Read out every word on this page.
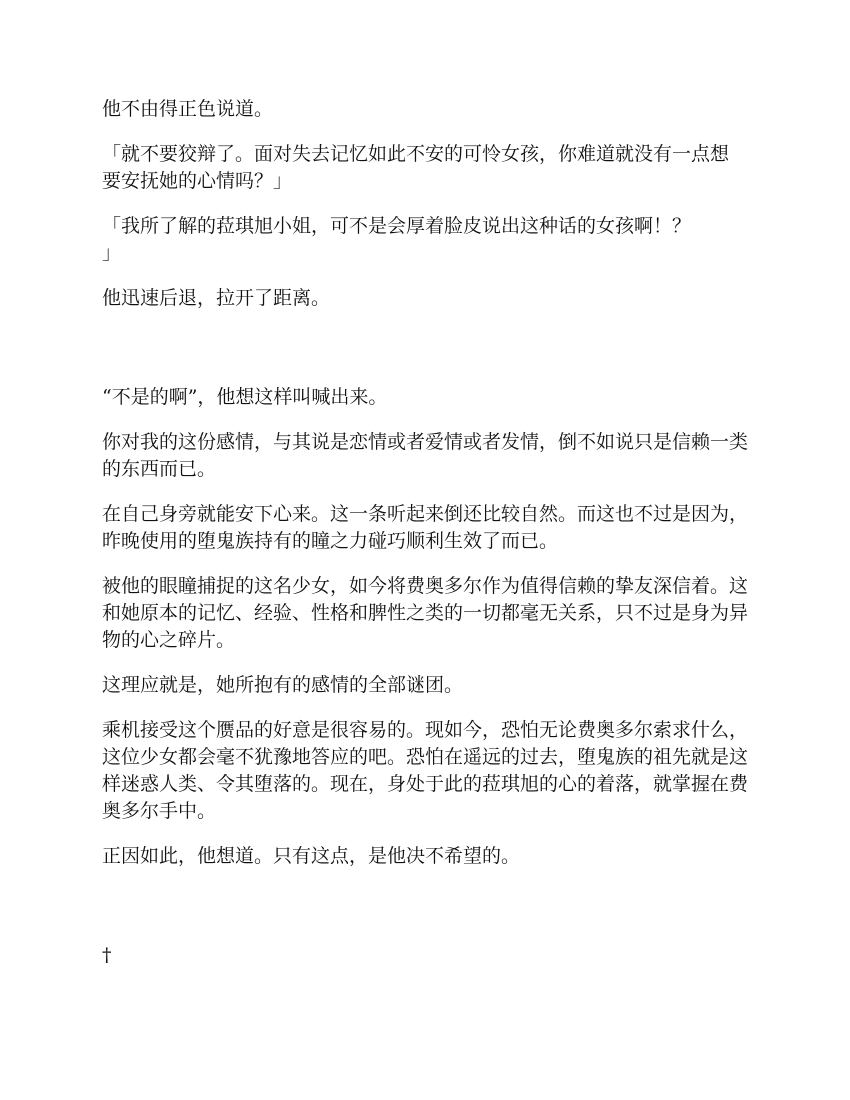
他不由得正色说道。

「就不要狡辩了。面对失去记忆如此不安的可怜女孩，你难道就没有一点想要安抚她的心情吗？」

「我所了解的菈琪旭小姐，可不是会厚着脸皮说出这种话的女孩啊！？」

他迅速后退，拉开了距离。

“不是的啊”，他想这样叫喊出来。

你对我的这份感情，与其说是恋情或者爱情或者发情，倒不如说只是信赖一类的东西而已。

在自己身旁就能安下心来。这一条听起来倒还比较自然。而这也不过是因为，昨晚使用的堕鬼族持有的瞳之力碰巧顺利生效了而已。

被他的眼瞳捕捉的这名少女，如今将费奥多尔作为值得信赖的挚友深信着。这和她原本的记忆、经验、性格和脾性之类的一切都毫无关系，只不过是身为异物的心之碎片。

这理应就是，她所抱有的感情的全部谜团。

乘机接受这个赝品的好意是很容易的。现如今，恐怕无论费奥多尔索求什么，这位少女都会毫不犹豫地答应的吧。恐怕在遥远的过去，堕鬼族的祖先就是这样迷惑人类、令其堕落的。现在，身处于此的菈琪旭的心的着落，就掌握在费奥多尔手中。

正因如此，他想道。只有这点，是他决不希望的。

†
